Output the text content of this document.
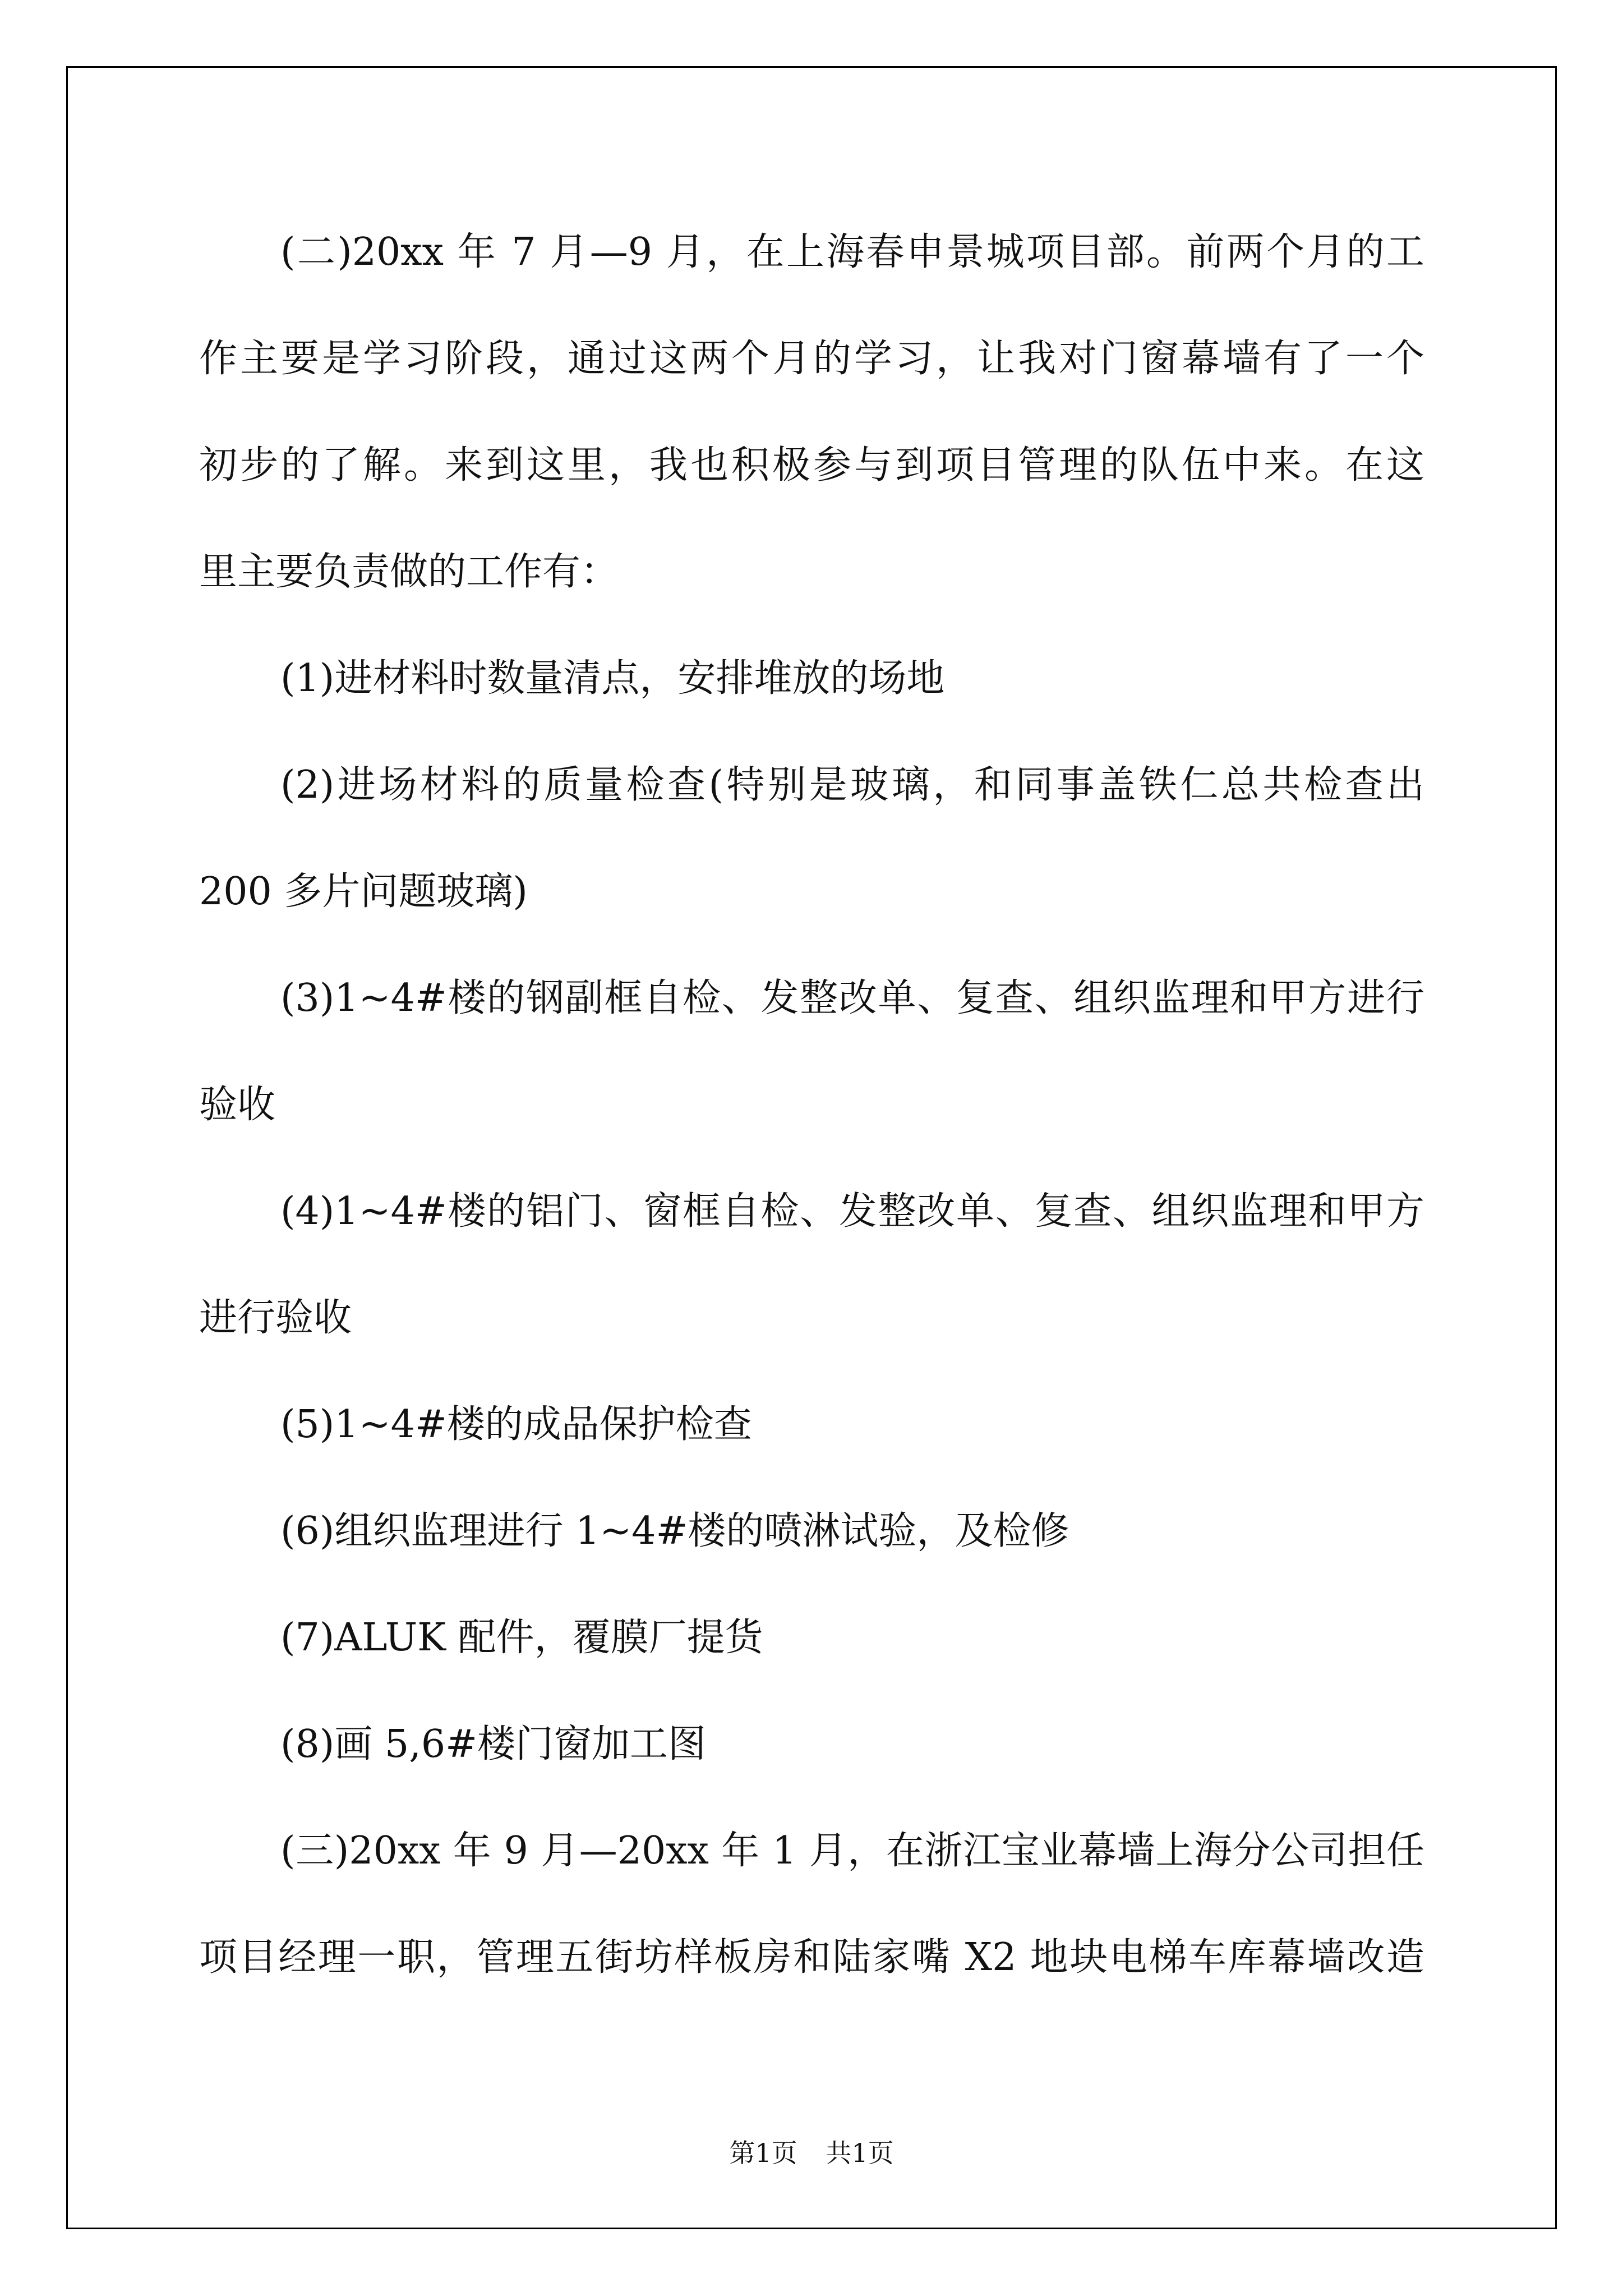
(二)20xx 年 7 月—9 月，在上海春申景城项目部。前两个月的工
作主要是学习阶段，通过这两个月的学习，让我对门窗幕墙有了一个
初步的了解。来到这里，我也积极参与到项目管理的队伍中来。在这
里主要负责做的工作有：
(1)进材料时数量清点，安排堆放的场地
(2)进场材料的质量检查(特别是玻璃，和同事盖铁仁总共检查出
200 多片问题玻璃)
(3)1~4#楼的钢副框自检、发整改单、复查、组织监理和甲方进行
验收
(4)1~4#楼的铝门、窗框自检、发整改单、复查、组织监理和甲方
进行验收
(5)1~4#楼的成品保护检查
(6)组织监理进行 1~4#楼的喷淋试验，及检修
(7)ALUK 配件，覆膜厂提货
(8)画 5,6#楼门窗加工图
(三)20xx 年 9 月—20xx 年 1 月，在浙江宝业幕墙上海分公司担任
项目经理一职，管理五街坊样板房和陆家嘴 X2 地块电梯车库幕墙改造
第1页 共1页
